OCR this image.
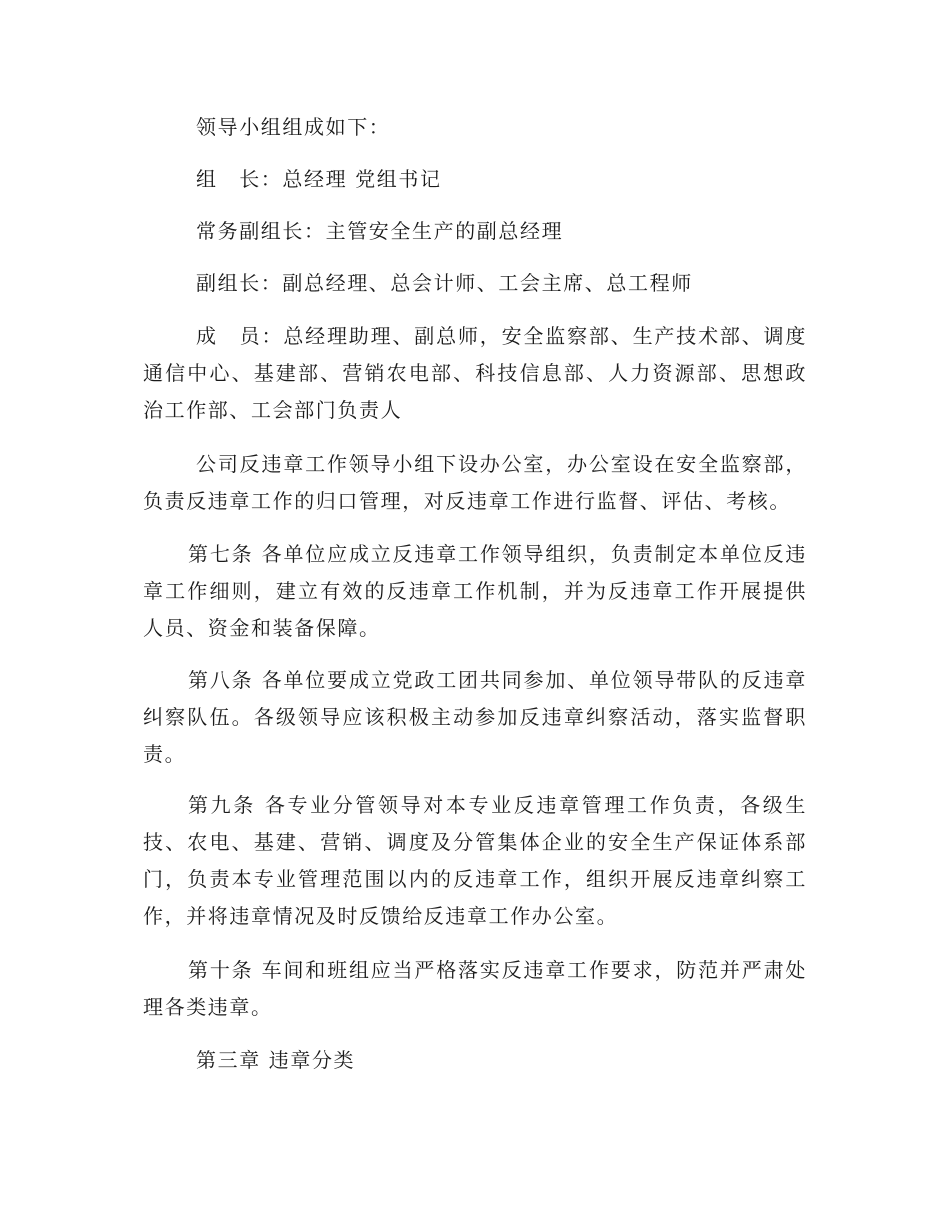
领导小组组成如下：
组　长：总经理 党组书记
常务副组长：主管安全生产的副总经理
副组长：副总经理、总会计师、工会主席、总工程师
成　员：总经理助理、副总师，安全监察部、生产技术部、调度通信中心、基建部、营销农电部、科技信息部、人力资源部、思想政治工作部、工会部门负责人
公司反违章工作领导小组下设办公室，办公室设在安全监察部，负责反违章工作的归口管理，对反违章工作进行监督、评估、考核。
第七条 各单位应成立反违章工作领导组织，负责制定本单位反违章工作细则，建立有效的反违章工作机制，并为反违章工作开展提供人员、资金和装备保障。
第八条 各单位要成立党政工团共同参加、单位领导带队的反违章纠察队伍。各级领导应该积极主动参加反违章纠察活动，落实监督职责。
第九条 各专业分管领导对本专业反违章管理工作负责，各级生技、农电、基建、营销、调度及分管集体企业的安全生产保证体系部门，负责本专业管理范围以内的反违章工作，组织开展反违章纠察工作，并将违章情况及时反馈给反违章工作办公室。
第十条 车间和班组应当严格落实反违章工作要求，防范并严肃处理各类违章。
第三章 违章分类
